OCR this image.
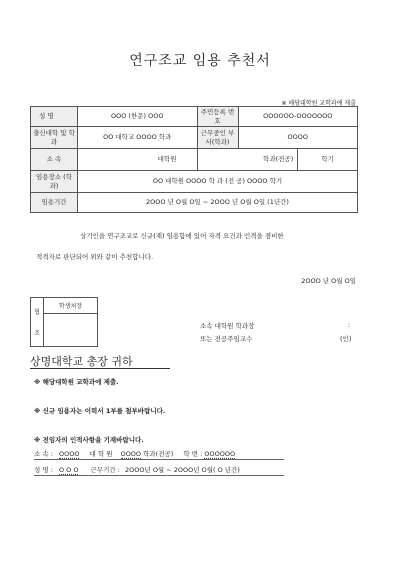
연구조교 임용 추천서
※ 해당대학원 교학과에 제출
성 명	OOO (한문) OOO	주민등록 번 호	OOOOOO-OOOOOOO	
출신대학 및 학과	OO 대학교 OOOO 학과	근무중인 부서(학과)	OOOO	
소 속	대학원	학과(전공)		학기
임용장소 (학 과)	OO 대학원 OOOO 학 과 (전 공) OOOO 학기			
임용기간	2OOO 년 O월 O일 ~ 2OOO 년 O월 O일 (1년간)			
상기인을 연구조교로 신규(재) 임용함에 있어 자격 요건과 인격을 겸비한
적격자로 판단되어 위와 같이 추천합니다.
2OOO 년 O월 O일
협
조
	학생처장

소속 대학원 학과장	:
또는 전공주임교수	(인)
상명대학교 총장 귀하
※ 해당대학원 교학과에 제출.
※ 신규 임용자는 이력서 1부를 첨부바랍니다.
※ 전임자의 인적사항을 기재바랍니다.
소 속 : OOOO 대 학 원 OOOO 학과(전공) 학 번 : OOOOOO
성 명 : O O O 근무기간 : 2OOO년 O월 ~ 2OOO년 O월( O 년간)
